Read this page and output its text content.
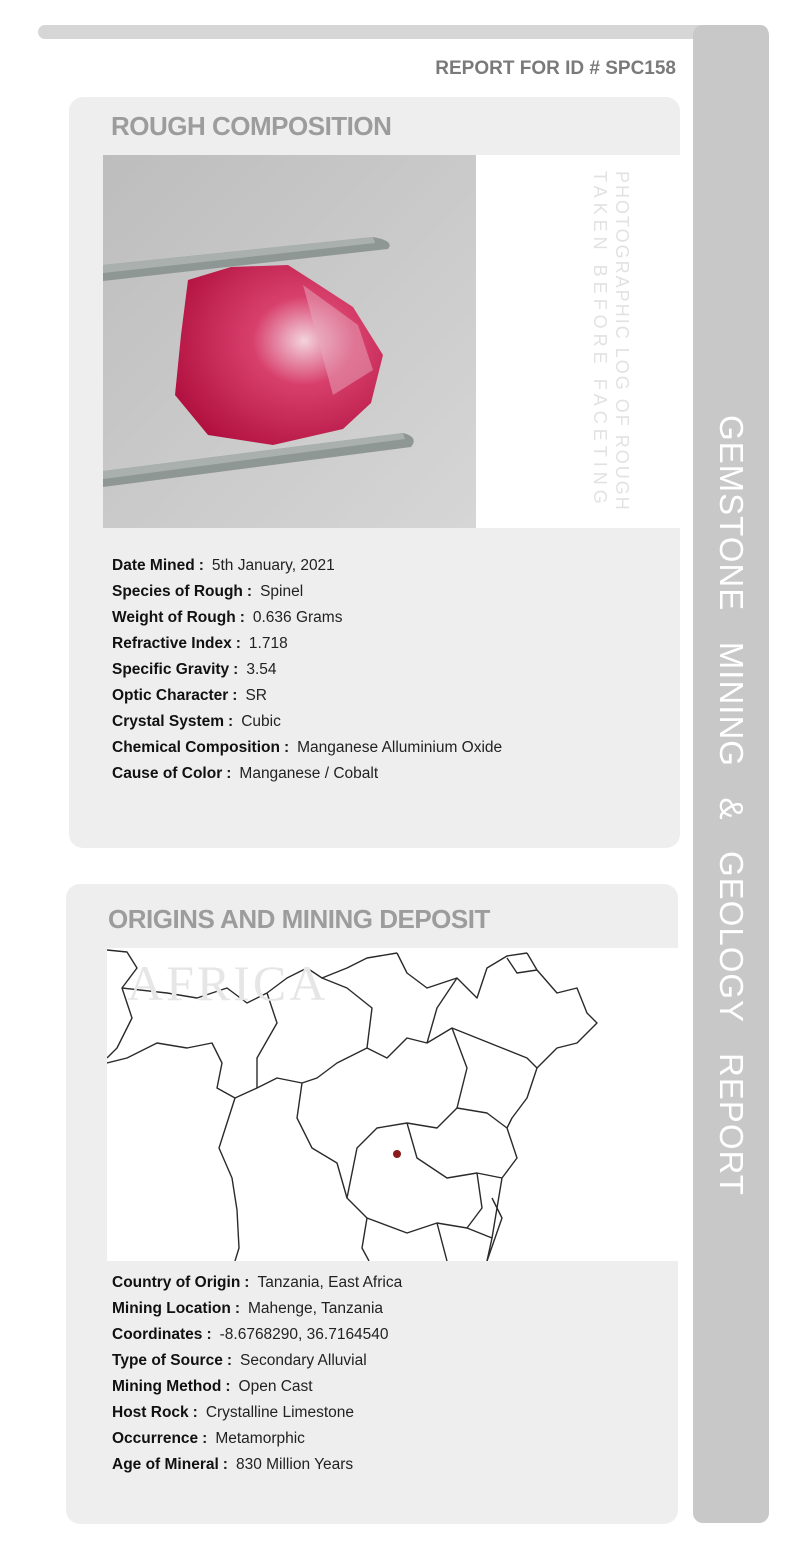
GEMSTONE   MINING   &   GEOLOGY   REPORT
REPORT FOR ID # SPC158
ROUGH COMPOSITION
PHOTOGRAPHIC LOG OF ROUGH
TAKEN BEFORE FACETING
Date Mined : 5th January, 2021
Species of Rough : Spinel
Weight of Rough : 0.636 Grams
Refractive Index : 1.718
Specific Gravity : 3.54
Optic Character : SR
Crystal System : Cubic
Chemical Composition : Manganese Alluminium Oxide
Cause of Color : Manganese / Cobalt
ORIGINS AND MINING DEPOSIT
AFRICA
Country of Origin : Tanzania, East Africa
Mining Location : Mahenge, Tanzania
Coordinates : -8.6768290, 36.7164540
Type of Source : Secondary Alluvial
Mining Method : Open Cast
Host Rock : Crystalline Limestone
Occurrence : Metamorphic
Age of Mineral : 830 Million Years
